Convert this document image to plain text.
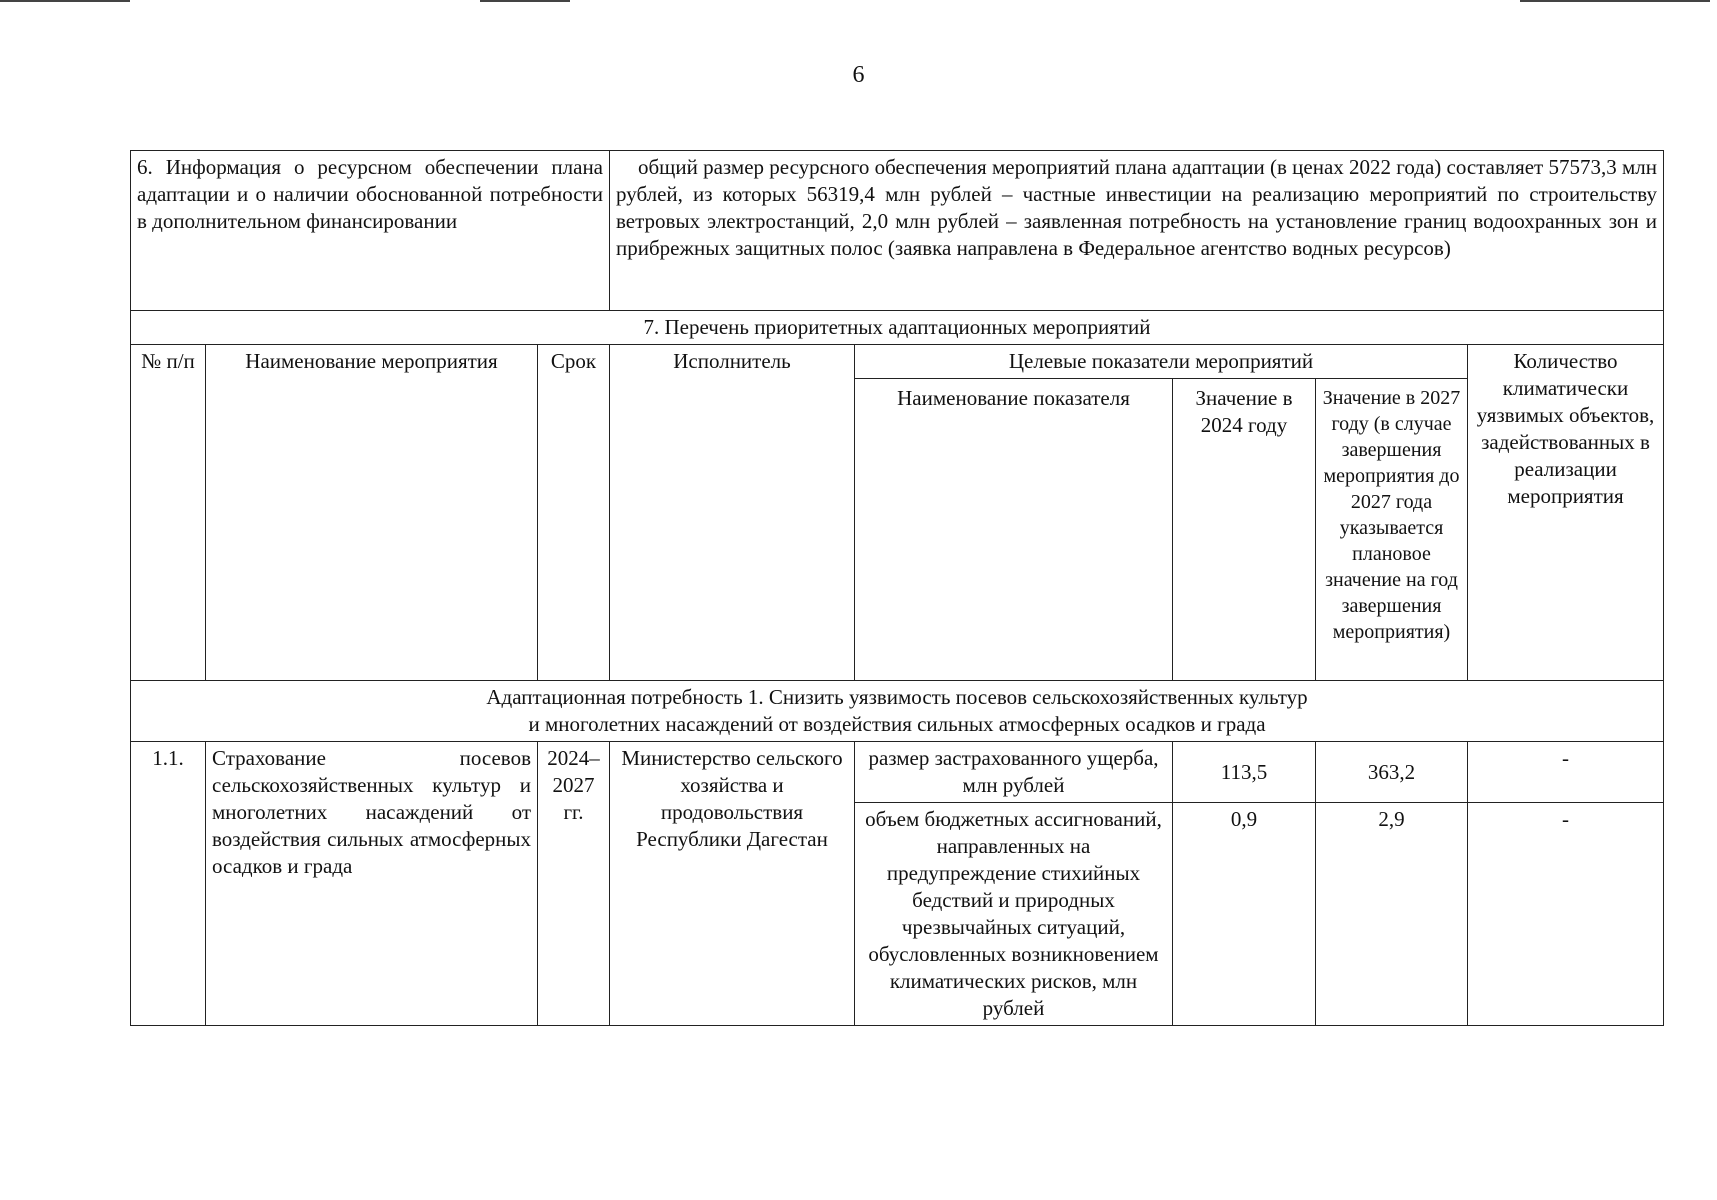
6
6. Информация о ресурсном обеспечении плана адаптации и о наличии обоснованной потребности в дополнительном финансировании			общий размер ресурсного обеспечения мероприятий плана адаптации (в ценах 2022 года) составляет 57573,3 млн рублей, из которых 56319,4 млн рублей – частные инвестиции на реализацию мероприятий по строительству ветровых электростанций, 2,0 млн рублей – заявленная потребность на установление границ водоохранных зон и прибрежных защитных полос (заявка направлена в Федеральное агентство водных ресурсов)				
7. Перечень приоритетных адаптационных мероприятий							
№ п/п	Наименование мероприятия	Срок	Исполнитель	Целевые показатели мероприятий			Количество климатически уязвимых объектов, задействованных в реализации мероприятия
				Наименование показателя	Значение в 2024 году	Значение в 2027 году (в случае завершения мероприятия до 2027 года указывается плановое значение на год завершения мероприятия)	

Адаптационная потребность 1. Снизить уязвимость посевов сельскохозяйственных культур
и многолетних насаждений от воздействия сильных атмосферных осадков и града							

1.1.	Страхование посевов сельскохозяйственных культур и многолетних насаждений от воздействия сильных атмосферных осадков и града	2024–2027 гг.	Министерство сельского хозяйства и продовольствия Республики Дагестан	размер застрахованного ущерба, млн рублей	113,5	363,2	-
				объем бюджетных ассигнований, направленных на предупреждение стихийных бедствий и природных чрезвычайных ситуаций, обусловленных возникновением климатических рисков, млн рублей	0,9	2,9	-
